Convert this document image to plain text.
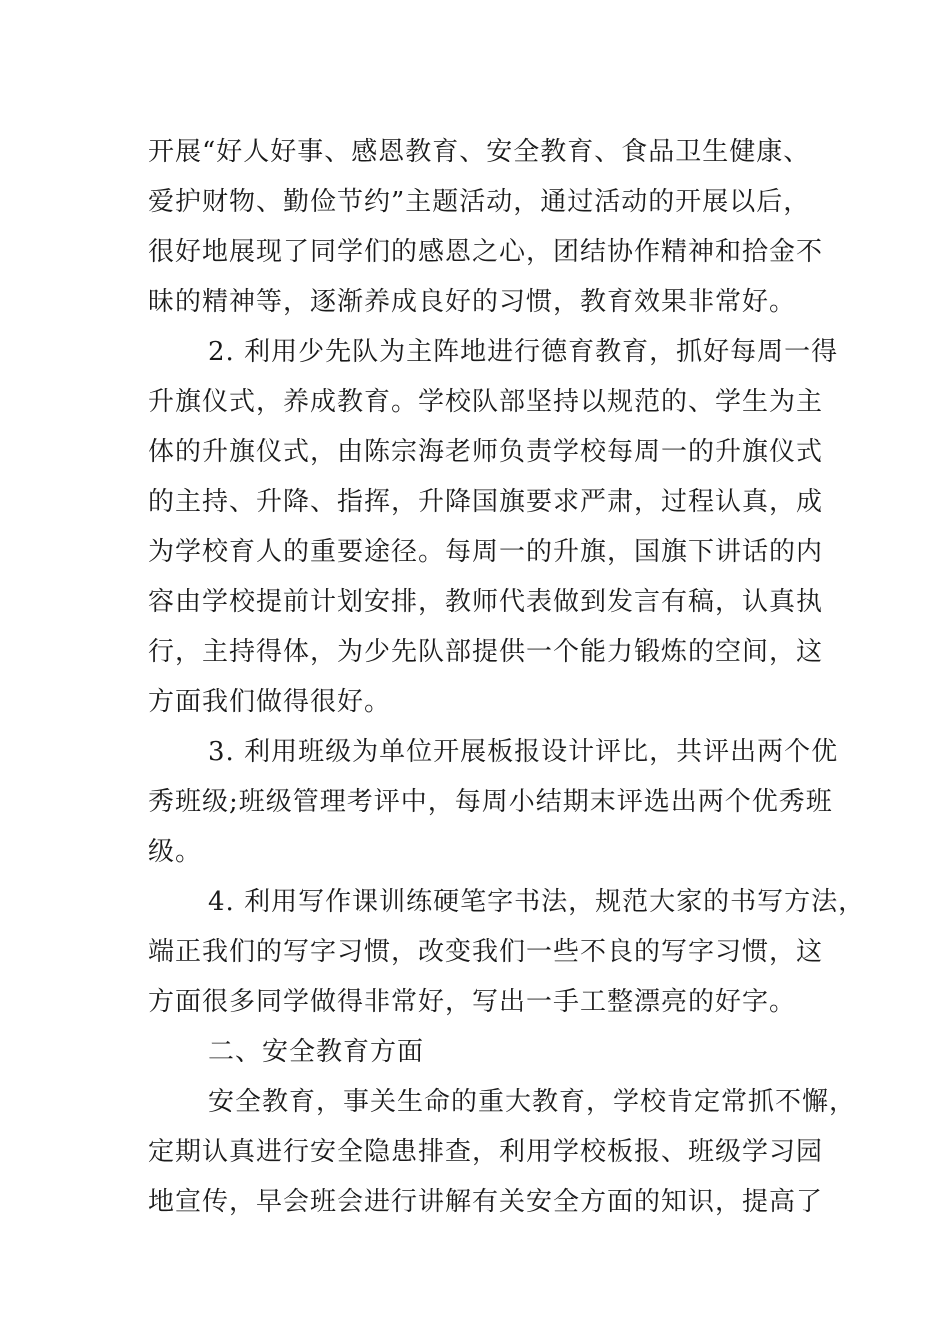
开展“好人好事、感恩教育、安全教育、食品卫生健康、
爱护财物、勤俭节约”主题活动，通过活动的开展以后，
很好地展现了同学们的感恩之心，团结协作精神和拾金不
昧的精神等，逐渐养成良好的习惯，教育效果非常好。
2. 利用少先队为主阵地进行德育教育，抓好每周一得
升旗仪式，养成教育。学校队部坚持以规范的、学生为主
体的升旗仪式，由陈宗海老师负责学校每周一的升旗仪式
的主持、升降、指挥，升降国旗要求严肃，过程认真，成
为学校育人的重要途径。每周一的升旗，国旗下讲话的内
容由学校提前计划安排，教师代表做到发言有稿，认真执
行，主持得体，为少先队部提供一个能力锻炼的空间，这
方面我们做得很好。
3. 利用班级为单位开展板报设计评比，共评出两个优
秀班级;班级管理考评中，每周小结期末评选出两个优秀班
级。
4. 利用写作课训练硬笔字书法，规范大家的书写方法，
端正我们的写字习惯，改变我们一些不良的写字习惯，这
方面很多同学做得非常好，写出一手工整漂亮的好字。
二、安全教育方面
安全教育，事关生命的重大教育，学校肯定常抓不懈，
定期认真进行安全隐患排查，利用学校板报、班级学习园
地宣传，早会班会进行讲解有关安全方面的知识，提高了
